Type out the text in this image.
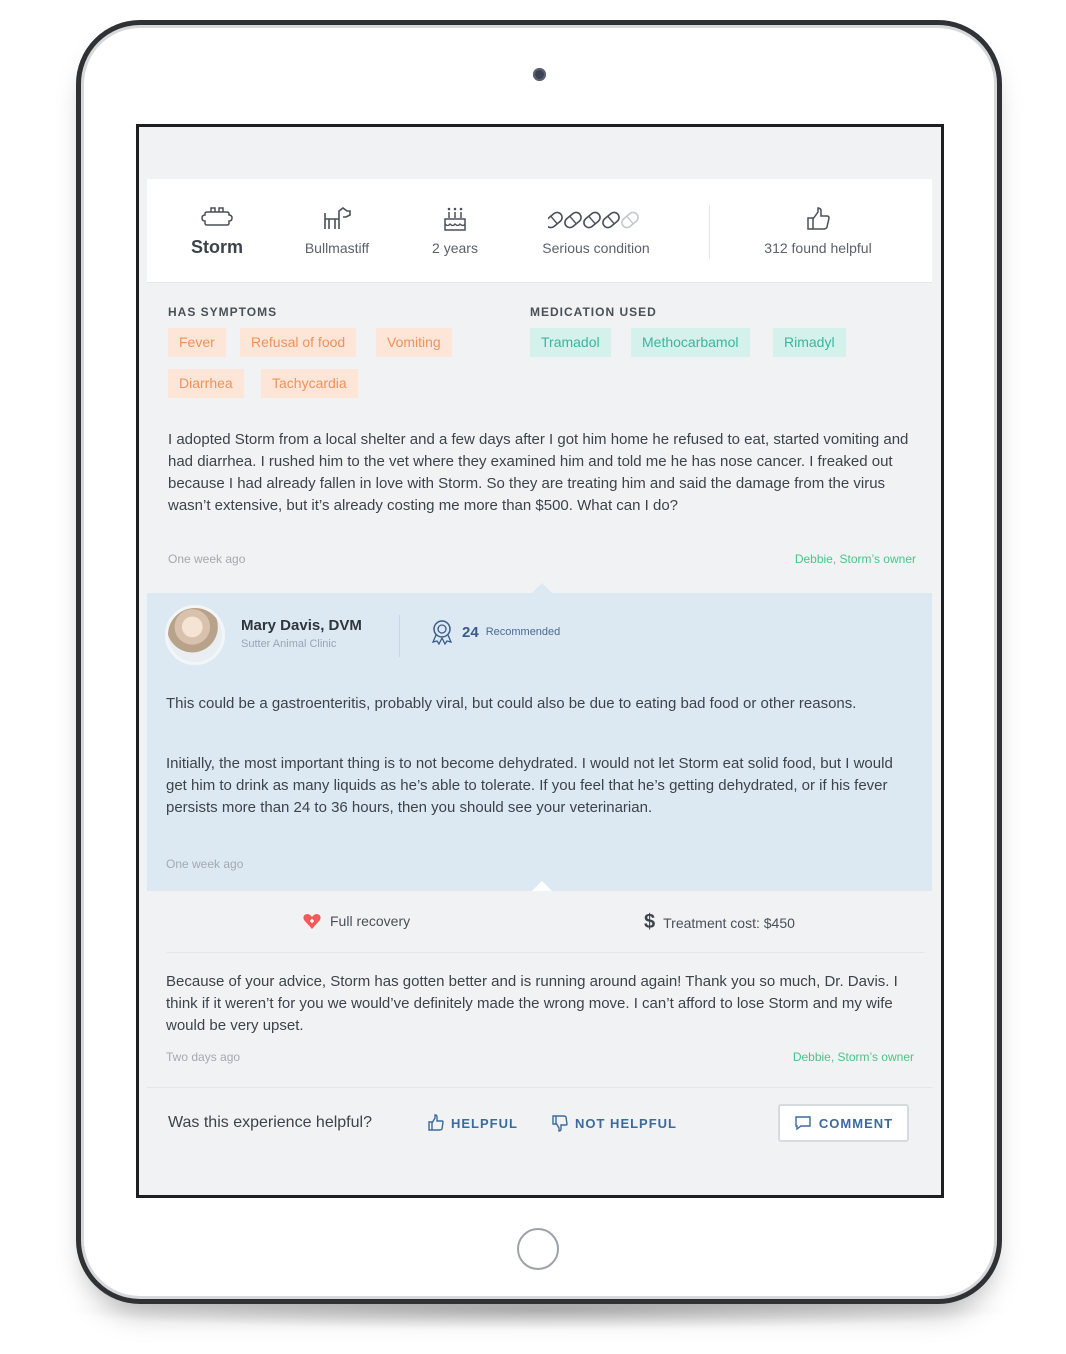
Storm	Bullmastiff	2 years	Serious condition	312 found helpful
HAS SYMPTOMS
Fever	Refusal of food	Vomiting
Diarrhea	Tachycardia
MEDICATION USED
Tramadol	Methocarbamol	Rimadyl
I adopted Storm from a local shelter and a few days after I got him home he refused to eat, started vomiting and had diarrhea. I rushed him to the vet where they examined him and told me he has nose cancer. I freaked out because I had already fallen in love with Storm. So they are treating him and said the damage from the virus wasn’t extensive, but it’s already costing me more than $500. What can I do?
One week ago	Debbie, Storm’s owner
Mary Davis, DVM
Sutter Animal Clinic
24 Recommended
This could be a gastroenteritis, probably viral, but could also be due to eating bad food or other reasons.
Initially, the most important thing is to not become dehydrated. I would not let Storm eat solid food, but I would get him to drink as many liquids as he’s able to tolerate. If you feel that he’s getting dehydrated, or if his fever persists more than 24 to 36 hours, then you should see your veterinarian.
One week ago
Full recovery	$ Treatment cost: $450
Because of your advice, Storm has gotten better and is running around again! Thank you so much, Dr. Davis. I think if it weren’t for you we would’ve definitely made the wrong move. I can’t afford to lose Storm and my wife would be very upset.
Two days ago	Debbie, Storm’s owner
Was this experience helpful?	HELPFUL	NOT HELPFUL	COMMENT
